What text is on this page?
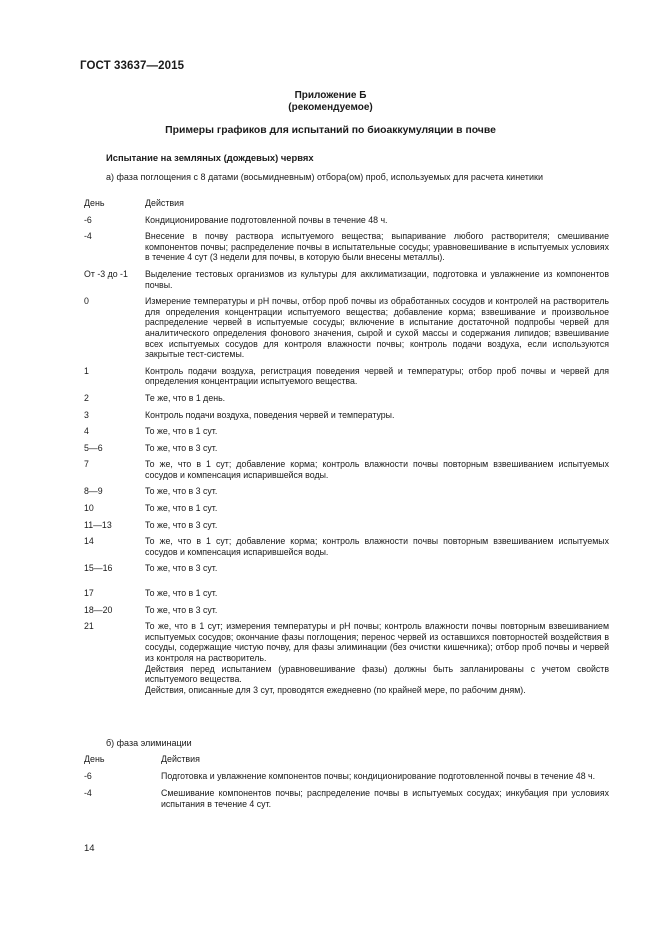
ГОСТ 33637—2015
Приложение Б
(рекомендуемое)
Примеры графиков для испытаний по биоаккумуляции в почве
Испытание на земляных (дождевых) червях
а) фаза поглощения с 8 датами (восьмидневным) отбора(ом) проб, используемых для расчета кинетики
День	Действия
-6	Кондиционирование подготовленной почвы в течение 48 ч.

-4	Внесение в почву раствора испытуемого вещества; выпаривание любого растворителя; смешивание компонентов почвы; распределение почвы в испытательные сосуды; уравновешивание в испытуемых условиях в течение 4 сут (3 недели для почвы, в которую были внесены металлы).

От -3 до -1	Выделение тестовых организмов из культуры для акклиматизации, подготовка и увлажнение из компонентов почвы.

0	Измерение температуры и pH почвы, отбор проб почвы из обработанных сосудов и контролей на растворитель для определения концентрации испытуемого вещества; добавление корма; взвешивание и произвольное распределение червей в испытуемые сосуды; включение в испытание достаточной подпробы червей для аналитического определения фонового значения, сырой и сухой массы и содержания липидов; взвешивание всех испытуемых сосудов для контроля влажности почвы; контроль подачи воздуха, если используются закрытые тест-системы.

1	Контроль подачи воздуха, регистрация поведения червей и температуры; отбор проб почвы и червей для определения концентрации испытуемого вещества.

2	Те же, что в 1 день.

3	Контроль подачи воздуха, поведения червей и температуры.

4	То же, что в 1 сут.

5—6	То же, что в 3 сут.

7	То же, что в 1 сут; добавление корма; контроль влажности почвы повторным взвешиванием испытуемых сосудов и компенсация испарившейся воды.

8—9	То же, что в 3 сут.

10	То же, что в 1 сут.

11—13	То же, что в 3 сут.

14	То же, что в 1 сут; добавление корма; контроль влажности почвы повторным взвешиванием испытуемых сосудов и компенсация испарившейся воды.

15—16	То же, что в 3 сут.

17	То же, что в 1 сут.

18—20	То же, что в 3 сут.

21	То же, что в 1 сут; измерения температуры и pH почвы; контроль влажности почвы повторным взвешиванием испытуемых сосудов; окончание фазы поглощения; перенос червей из оставшихся повторностей воздействия в сосуды, содержащие чистую почву, для фазы элиминации (без очистки кишечника); отбор проб почвы и червей из контроля на растворитель.

Действия перед испытанием (уравновешивание фазы) должны быть запланированы с учетом свойств испытуемого вещества.

Действия, описанные для 3 сут, проводятся ежедневно (по крайней мере, по рабочим дням).

б) фаза элиминации
День	Действия
-6	Подготовка и увлажнение компонентов почвы; кондиционирование подготовленной почвы в течение 48 ч.

-4	Смешивание компонентов почвы; распределение почвы в испытуемых сосудах; инкубация при условиях испытания в течение 4 сут.

14
